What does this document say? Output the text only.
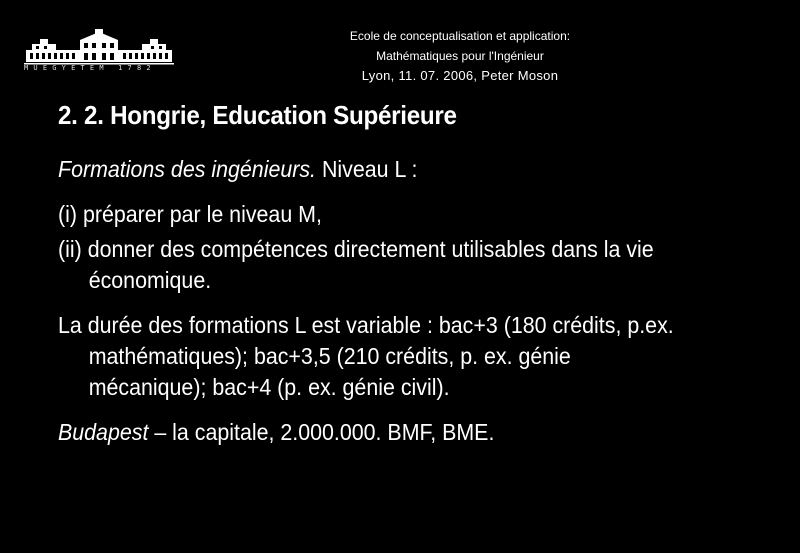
MŰEGYETEM 1782
Ecole de conceptualisation et application:
Mathématiques pour l'Ingénieur
Lyon, 11. 07. 2006, Peter Moson
2. 2. Hongrie, Education Supérieure

Formations des ingénieurs. Niveau L :

(i) préparer par le niveau M,

(ii) donner des compétences directement utilisables dans la vie

économique.

La durée des formations L est variable : bac+3 (180 crédits, p.ex.

mathématiques); bac+3,5 (210 crédits, p. ex. génie

mécanique); bac+4 (p. ex. génie civil).

Budapest – la capitale, 2.000.000. BMF, BME.
